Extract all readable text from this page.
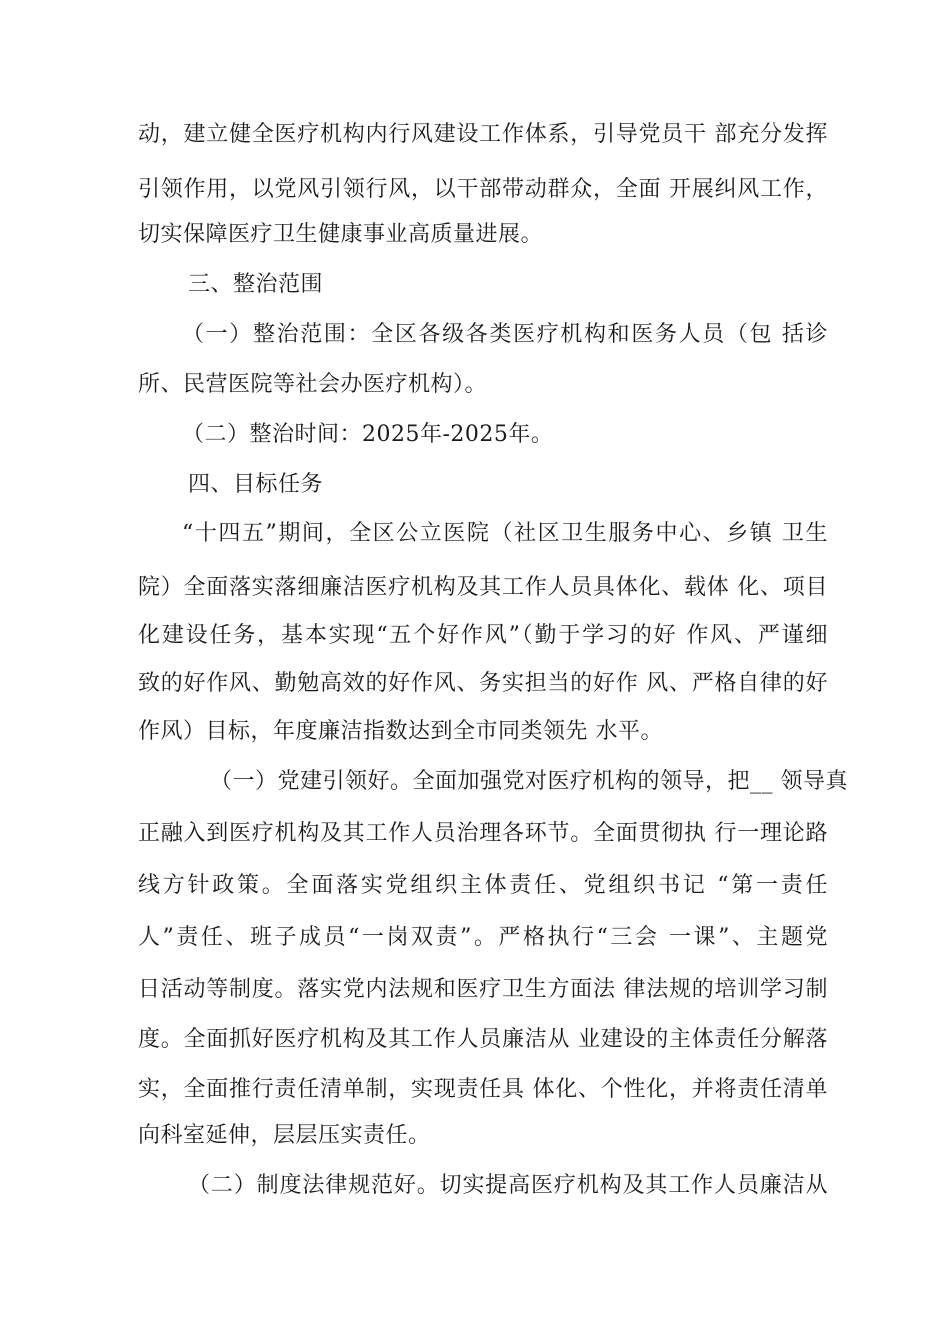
动，建立健全医疗机构内行风建设工作体系，引导党员干 部充分发挥
引领作用，以党风引领行风，以干部带动群众，全面 开展纠风工作，
切实保障医疗卫生健康事业高质量进展。
三、整治范围
（一）整治范围：全区各级各类医疗机构和医务人员（包 括诊
所、民营医院等社会办医疗机构）。
（二）整治时间：2025年-2025年。
四、目标任务
“十四五”期间，全区公立医院（社区卫生服务中心、乡镇 卫生
院）全面落实落细廉洁医疗机构及其工作人员具体化、载体 化、项目
化建设任务，基本实现“五个好作风”（勤于学习的好 作风、严谨细
致的好作风、勤勉高效的好作风、务实担当的好作 风、严格自律的好
作风）目标，年度廉洁指数达到全市同类领先 水平。
（一）党建引领好。全面加强党对医疗机构的领导，把__ 领导真
正融入到医疗机构及其工作人员治理各环节。全面贯彻执 行一理论路
线方针政策。全面落实党组织主体责任、党组织书记 “第一责任
人”责任、班子成员“一岗双责”。严格执行“三会 一课”、主题党
日活动等制度。落实党内法规和医疗卫生方面法 律法规的培训学习制
度。全面抓好医疗机构及其工作人员廉洁从 业建设的主体责任分解落
实，全面推行责任清单制，实现责任具 体化、个性化，并将责任清单
向科室延伸，层层压实责任。
（二）制度法律规范好。切实提高医疗机构及其工作人员廉洁从
